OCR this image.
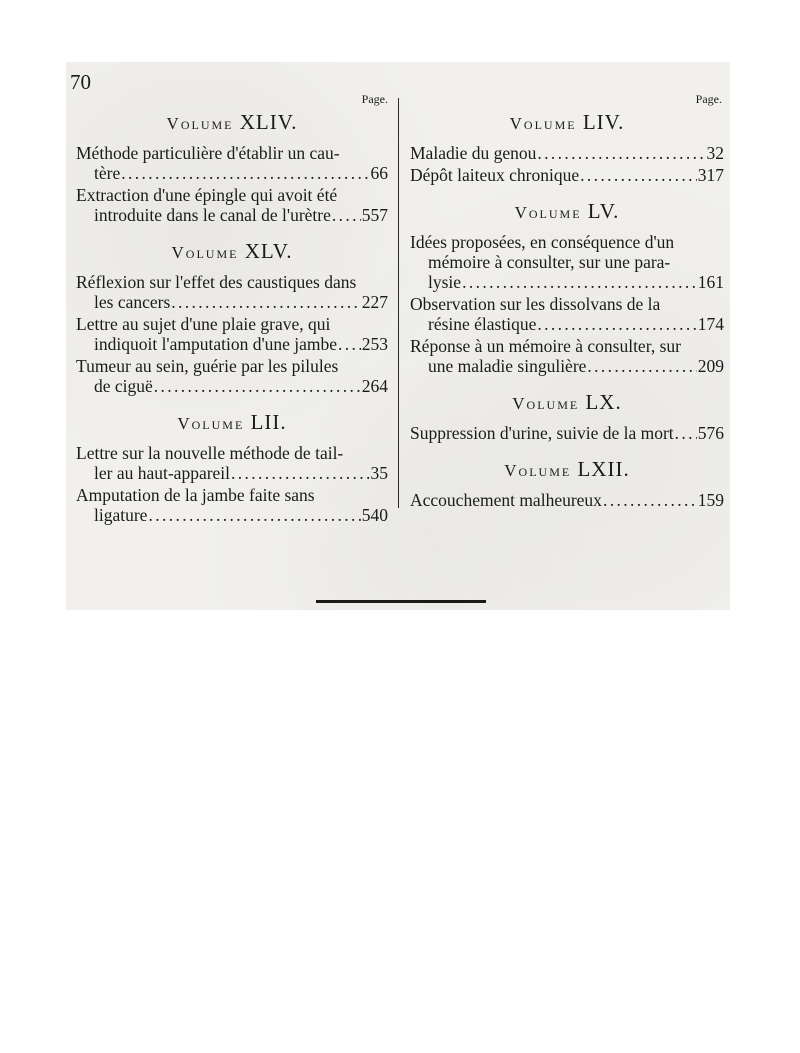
70
Page.
Volume XLIV.
Méthode particulière d'établir un cau-
tère . . .	66
Extraction d'une épingle qui avoit été
introduite dans le canal de l'urètre . . . 557
Volume XLV.
Réflexion sur l'effet des caustiques dans
les cancers . . .	227
Lettre au sujet d'une plaie grave, qui
indiquoit l'amputation d'une jambe . . . 253
Tumeur au sein, guérie par les pilules
de ciguë . . .	264
Volume LII.
Lettre sur la nouvelle méthode de tail-
ler au haut-appareil . . .	35
Amputation de la jambe faite sans
ligature . . .	540
Page.
Volume LIV.
Maladie du genou . . .	32
Dépôt laiteux chronique . . .	317
Volume LV.
Idées proposées, en conséquence d'un
mémoire à consulter, sur une para-
lysie . . .	161
Observation sur les dissolvans de la
résine élastique . . .	174
Réponse à un mémoire à consulter, sur
une maladie singulière . . .	209
Volume LX.
Suppression d'urine, suivie de la mort . . . 576
Volume LXII.
Accouchement malheureux . . .	159
